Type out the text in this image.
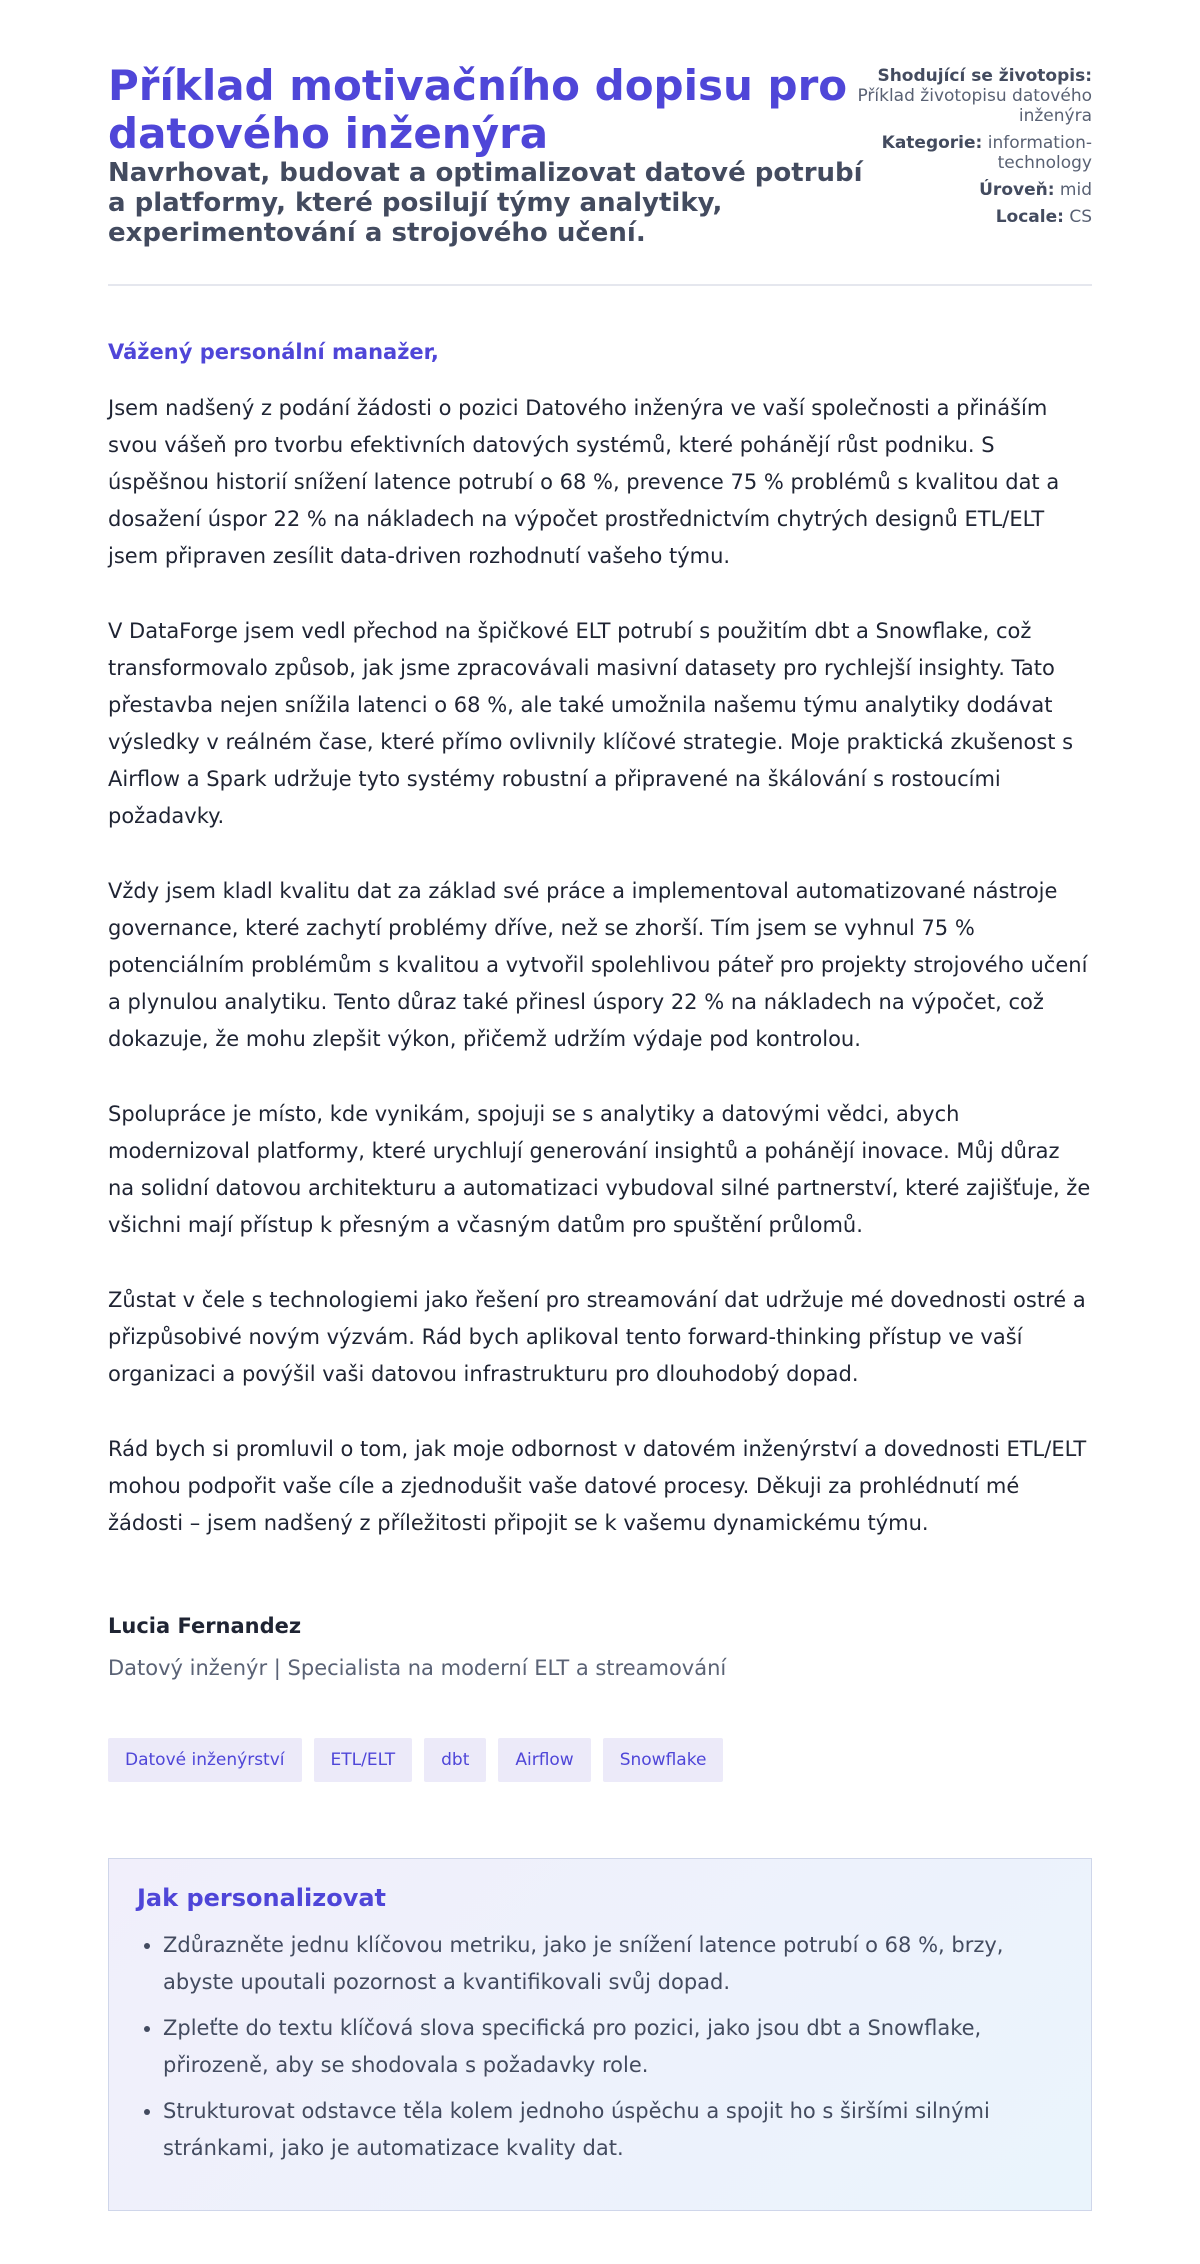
Příklad motivačního dopisu pro datového inženýra
Navrhovat, budovat a optimalizovat datové potrubí a platformy, které posilují týmy analytiky, experimentování a strojového učení.
Shodující se životopis: Příklad životopisu datového inženýra
Kategorie: information-technology
Úroveň: mid
Locale: CS

Vážený personální manažer,

Jsem nadšený z podání žádosti o pozici Datového inženýra ve vaší společnosti a přináším svou vášeň pro tvorbu efektivních datových systémů, které pohánějí růst podniku. S úspěšnou historií snížení latence potrubí o 68 %, prevence 75 % problémů s kvalitou dat a dosažení úspor 22 % na nákladech na výpočet prostřednictvím chytrých designů ETL/ELT jsem připraven zesílit data-driven rozhodnutí vašeho týmu.

V DataForge jsem vedl přechod na špičkové ELT potrubí s použitím dbt a Snowflake, což transformovalo způsob, jak jsme zpracovávali masivní datasety pro rychlejší insighty. Tato přestavba nejen snížila latenci o 68 %, ale také umožnila našemu týmu analytiky dodávat výsledky v reálném čase, které přímo ovlivnily klíčové strategie. Moje praktická zkušenost s Airflow a Spark udržuje tyto systémy robustní a připravené na škálování s rostoucími požadavky.

Vždy jsem kladl kvalitu dat za základ své práce a implementoval automatizované nástroje governance, které zachytí problémy dříve, než se zhorší. Tím jsem se vyhnul 75 % potenciálním problémům s kvalitou a vytvořil spolehlivou páteř pro projekty strojového učení a plynulou analytiku. Tento důraz také přinesl úspory 22 % na nákladech na výpočet, což dokazuje, že mohu zlepšit výkon, přičemž udržím výdaje pod kontrolou.

Spolupráce je místo, kde vynikám, spojuji se s analytiky a datovými vědci, abych modernizoval platformy, které urychlují generování insightů a pohánějí inovace. Můj důraz na solidní datovou architekturu a automatizaci vybudoval silné partnerství, které zajišťuje, že všichni mají přístup k přesným a včasným datům pro spuštění průlomů.

Zůstat v čele s technologiemi jako řešení pro streamování dat udržuje mé dovednosti ostré a přizpůsobivé novým výzvám. Rád bych aplikoval tento forward-thinking přístup ve vaší organizaci a povýšil vaši datovou infrastrukturu pro dlouhodobý dopad.

Rád bych si promluvil o tom, jak moje odbornost v datovém inženýrství a dovednosti ETL/ELT mohou podpořit vaše cíle a zjednodušit vaše datové procesy. Děkuji za prohlédnutí mé žádosti – jsem nadšený z příležitosti připojit se k vašemu dynamickému týmu.

Lucia Fernandez

Datový inženýr | Specialista na moderní ELT a streamování

Datové inženýrství	ETL/ELT	dbt	Airflow	Snowflake
Jak personalizovat
• Zdůrazněte jednu klíčovou metriku, jako je snížení latence potrubí o 68 %, brzy, abyste upoutali pozornost a kvantifikovali svůj dopad.
• Zpleťte do textu klíčová slova specifická pro pozici, jako jsou dbt a Snowflake, přirozeně, aby se shodovala s požadavky role.
• Strukturovat odstavce těla kolem jednoho úspěchu a spojit ho s širšími silnými stránkami, jako je automatizace kvality dat.
